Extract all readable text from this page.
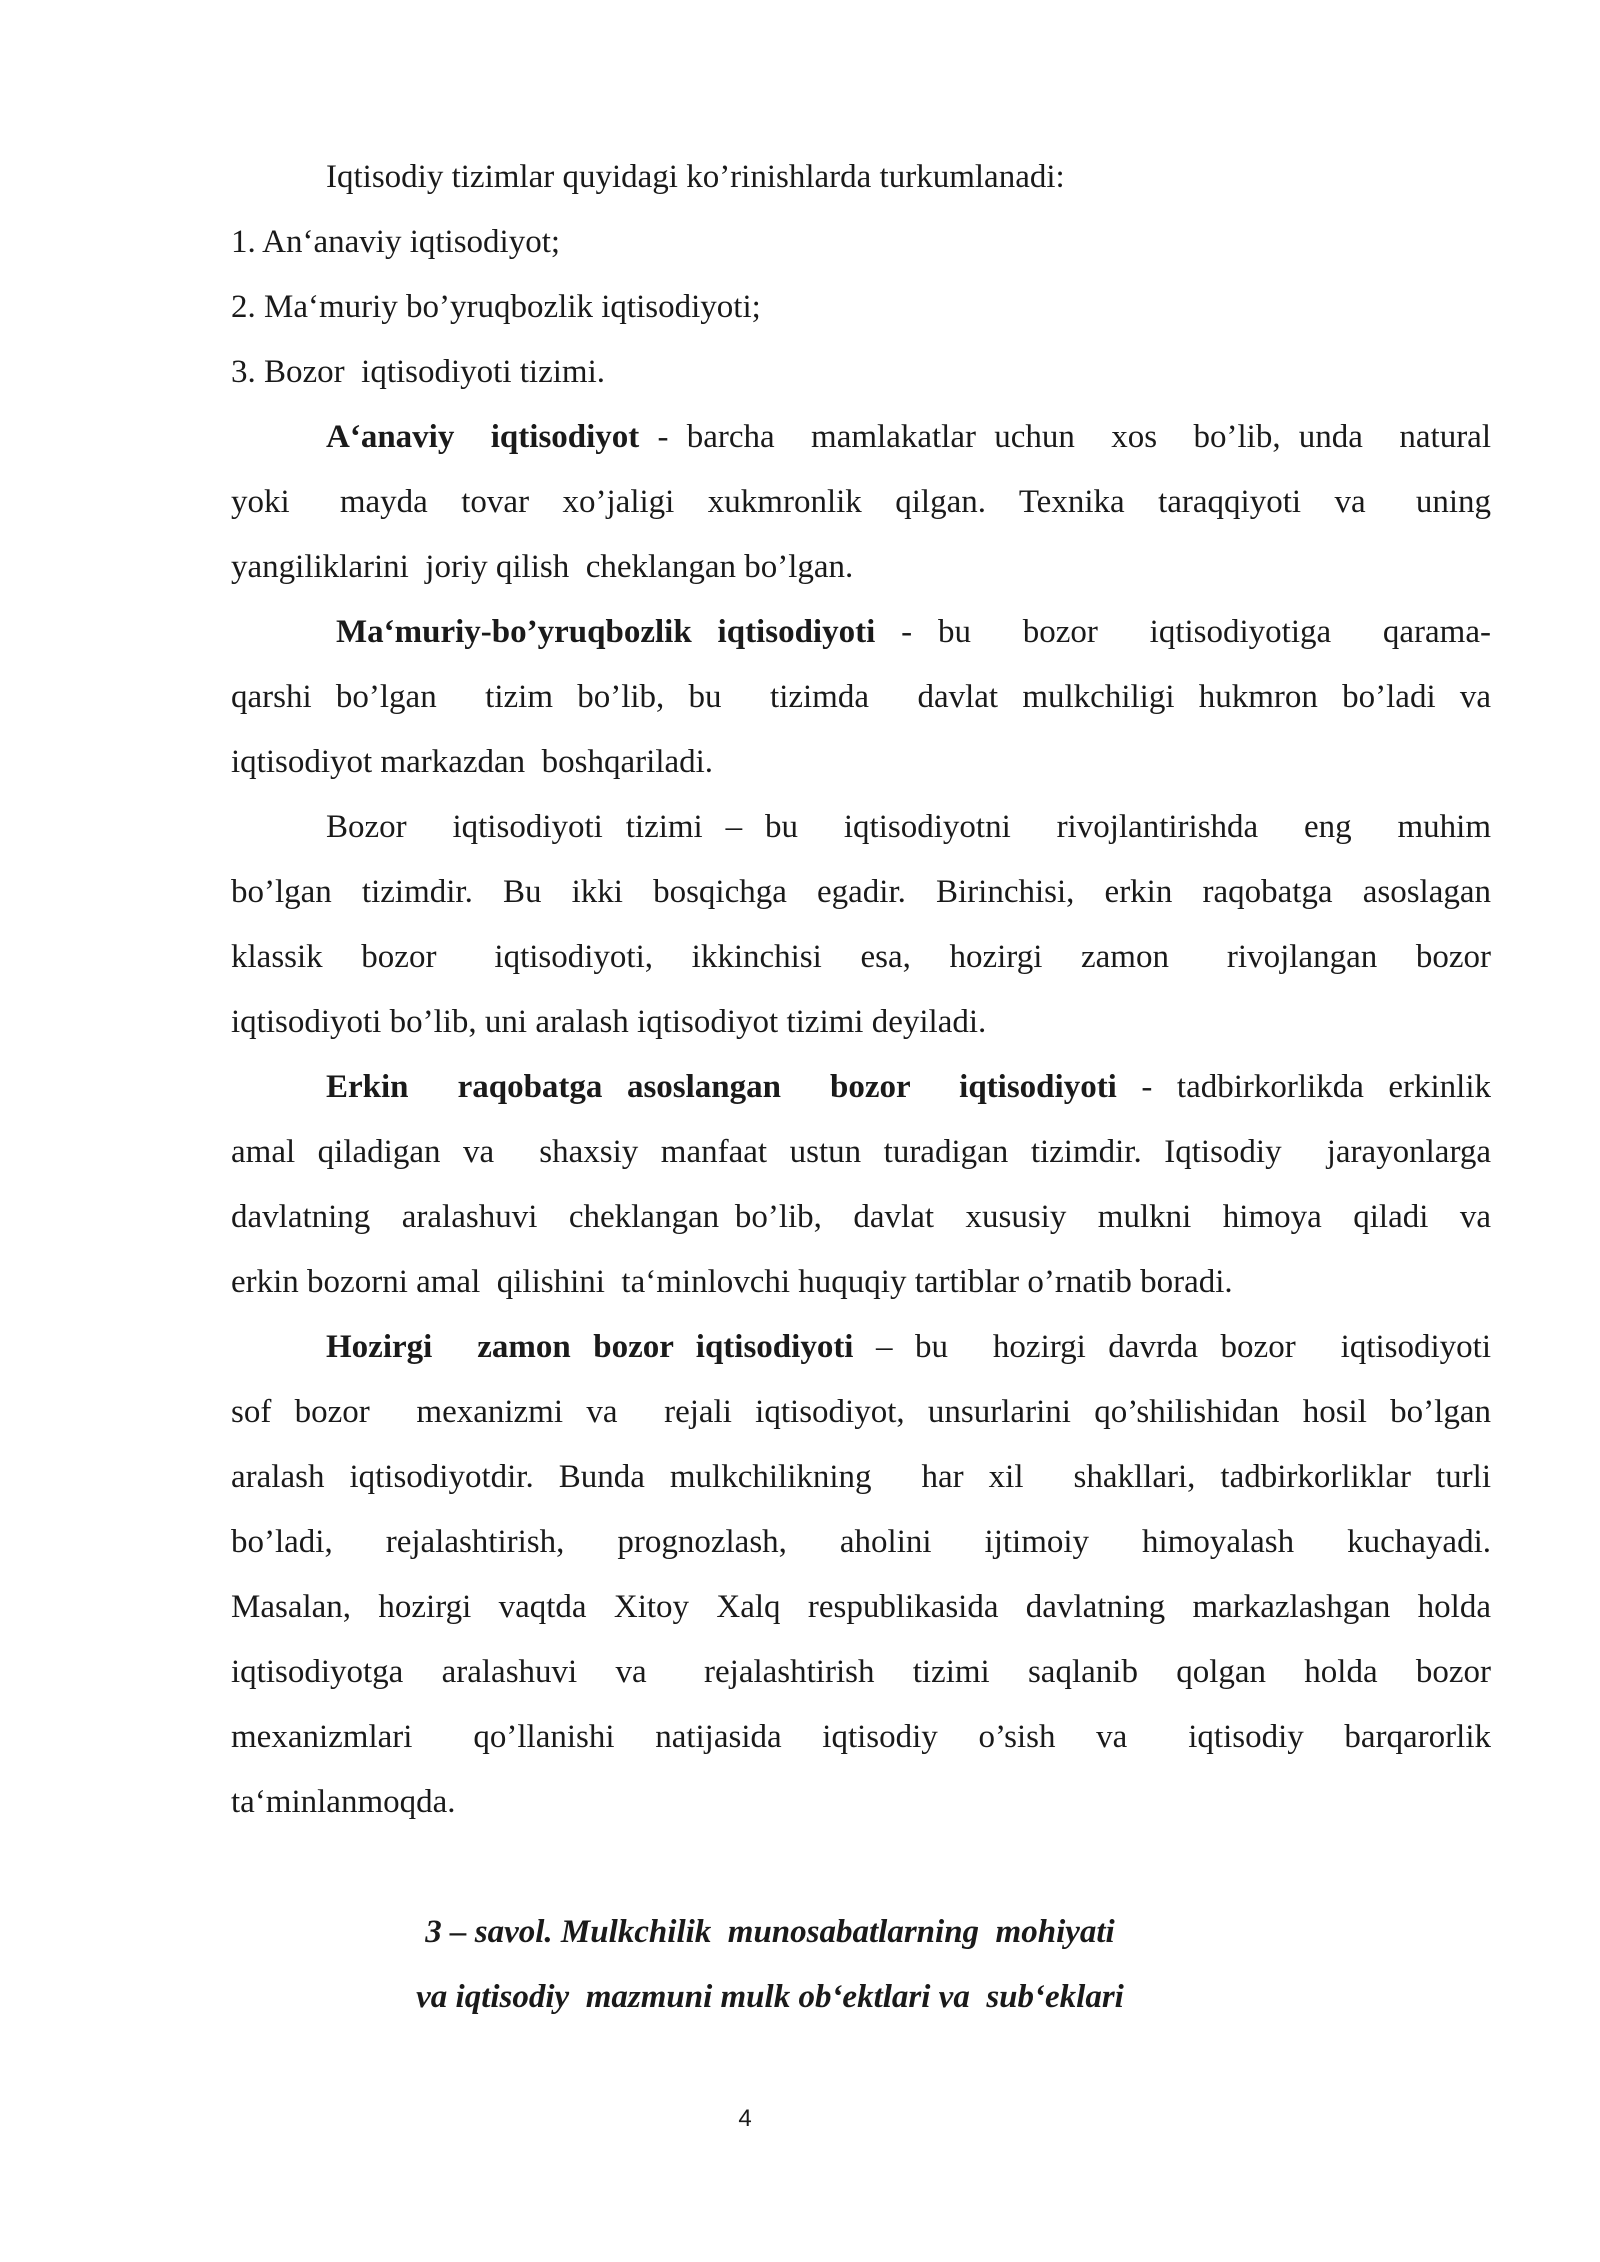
Iqtisodiy tizimlar quyidagi ko’rinishlarda turkumlanadi:
1. An‘anaviy iqtisodiyot;
2. Ma‘muriy bo’yruqbozlik iqtisodiyoti;
3. Bozor  iqtisodiyoti tizimi.
A‘anaviy  iqtisodiyot - barcha  mamlakatlar uchun  xos  bo’lib, unda  natural
yoki   mayda  tovar  xo’jaligi  xukmronlik  qilgan.  Texnika  taraqqiyoti  va   uning
yangiliklarini  joriy qilish  cheklangan bo’lgan.
Ma‘muriy-bo’yruqbozlik iqtisodiyoti - bu  bozor  iqtisodiyotiga  qarama-
qarshi bo’lgan  tizim bo’lib, bu  tizimda  davlat mulkchiligi hukmron bo’ladi va
iqtisodiyot markazdan  boshqariladi.
Bozor  iqtisodiyoti tizimi – bu  iqtisodiyotni  rivojlantirishda  eng  muhim
bo’lgan tizimdir. Bu ikki bosqichga egadir. Birinchisi, erkin raqobatga asoslagan
klassik  bozor   iqtisodiyoti,  ikkinchisi  esa,  hozirgi  zamon   rivojlangan  bozor
iqtisodiyoti bo’lib, uni aralash iqtisodiyot tizimi deyiladi.
Erkin  raqobatga asoslangan  bozor  iqtisodiyoti - tadbirkorlikda erkinlik
amal qiladigan va  shaxsiy manfaat ustun turadigan tizimdir. Iqtisodiy  jarayonlarga
davlatning  aralashuvi  cheklangan bo’lib,  davlat  xususiy  mulkni  himoya  qiladi  va
erkin bozorni amal  qilishini  ta‘minlovchi huquqiy tartiblar o’rnatib boradi.
Hozirgi  zamon bozor iqtisodiyoti – bu  hozirgi davrda bozor  iqtisodiyoti
sof bozor  mexanizmi va  rejali iqtisodiyot, unsurlarini qo’shilishidan hosil bo’lgan
aralash iqtisodiyotdir. Bunda mulkchilikning  har xil  shakllari, tadbirkorliklar turli
bo’ladi,  rejalashtirish,  prognozlash,  aholini  ijtimoiy  himoyalash  kuchayadi.
Masalan, hozirgi vaqtda Xitoy Xalq respublikasida davlatning markazlashgan holda
iqtisodiyotga  aralashuvi  va   rejalashtirish  tizimi  saqlanib  qolgan  holda  bozor
mexanizmlari   qo’llanishi  natijasida  iqtisodiy  o’sish  va   iqtisodiy  barqarorlik
ta‘minlanmoqda.
3 – savol. Mulkchilik  munosabatlarning  mohiyati
va iqtisodiy  mazmuni mulk ob‘ektlari va  sub‘eklari
4
